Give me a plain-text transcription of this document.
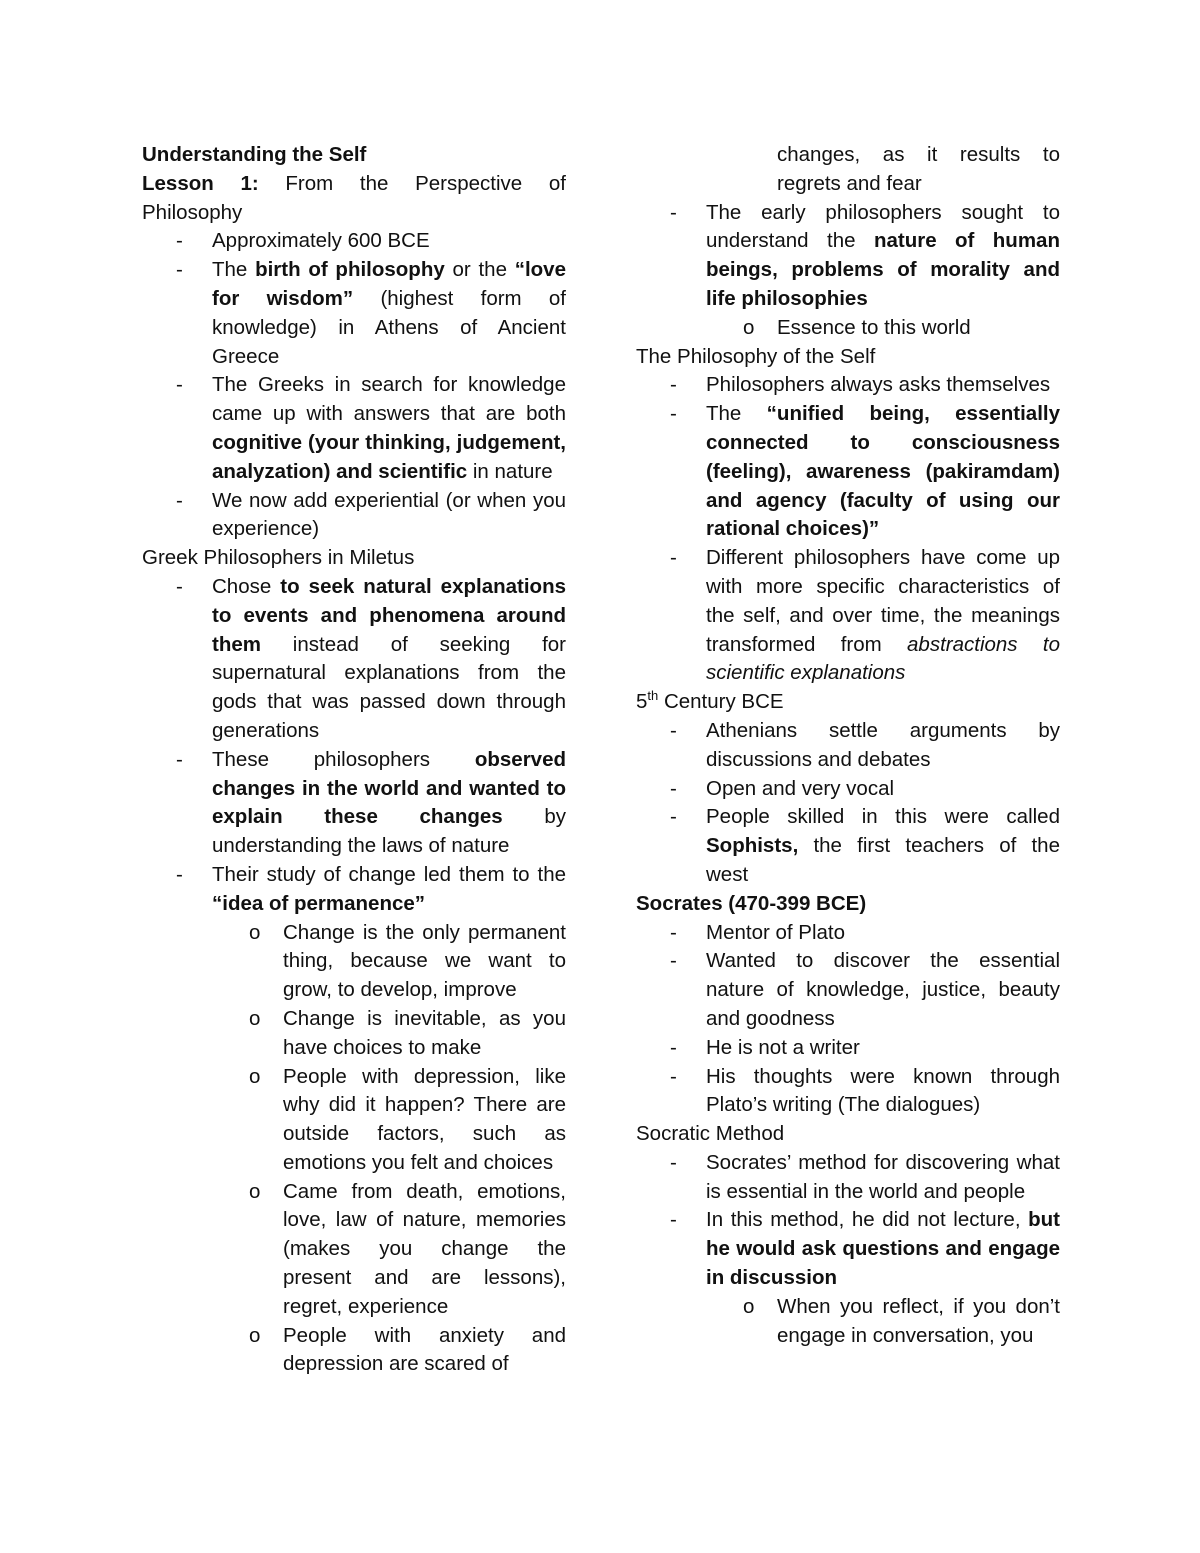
Understanding the Self

Lesson 1: From the Perspective of Philosophy

- Approximately 600 BCE

- The birth of philosophy or the “love for wisdom” (highest form of knowledge) in Athens of Ancient Greece

- The Greeks in search for knowledge came up with answers that are both cognitive (your thinking, judgement, analyzation) and scientific in nature

- We now add experiential (or when you experience)

Greek Philosophers in Miletus

- Chose to seek natural explanations to events and phenomena around them instead of seeking for supernatural explanations from the gods that was passed down through generations

- These philosophers observed changes in the world and wanted to explain these changes by understanding the laws of nature

- Their study of change led them to the “idea of permanence”

o Change is the only permanent thing, because we want to grow, to develop, improve

o Change is inevitable, as you have choices to make

o People with depression, like why did it happen? There are outside factors, such as emotions you felt and choices

o Came from death, emotions, love, law of nature, memories (makes you change the present and are lessons), regret, experience

o People with anxiety and depression are scared of

changes, as it results to regrets and fear

- The early philosophers sought to understand the nature of human beings, problems of morality and life philosophies

o Essence to this world

The Philosophy of the Self

- Philosophers always asks themselves

- The “unified being, essentially connected to consciousness (feeling), awareness (pakiramdam) and agency (faculty of using our rational choices)”

- Different philosophers have come up with more specific characteristics of the self, and over time, the meanings transformed from abstractions to scientific explanations

5th Century BCE

- Athenians settle arguments by discussions and debates

- Open and very vocal

- People skilled in this were called Sophists, the first teachers of the west

Socrates (470-399 BCE)

- Mentor of Plato

- Wanted to discover the essential nature of knowledge, justice, beauty and goodness

- He is not a writer

- His thoughts were known through Plato’s writing (The dialogues)

Socratic Method

- Socrates’ method for discovering what is essential in the world and people

- In this method, he did not lecture, but he would ask questions and engage in discussion

o When you reflect, if you don’t engage in conversation, you
